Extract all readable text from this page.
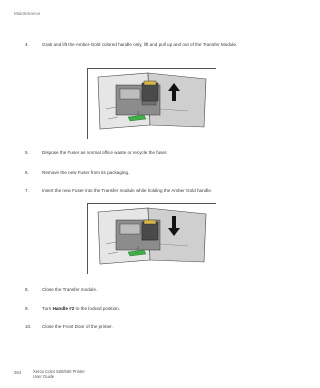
Maintenance
4.	Grab and lift the Amber-Gold colored handle only, lift and pull up and out of the Transfer Module.
2
5.	Dispose the Fuser as normal office waste or recycle the fuser.
6.	Remove the new Fuser from its packaging.
7.	Insert the new Fuser into the Transfer module while holding the Amber Gold handle.
2
8.	Close the Transfer module.
9.	Turn Handle #2 to the locked position.
10. Close the Front Door of the printer.
264	Xerox Color 550/560 Printer
User Guide
